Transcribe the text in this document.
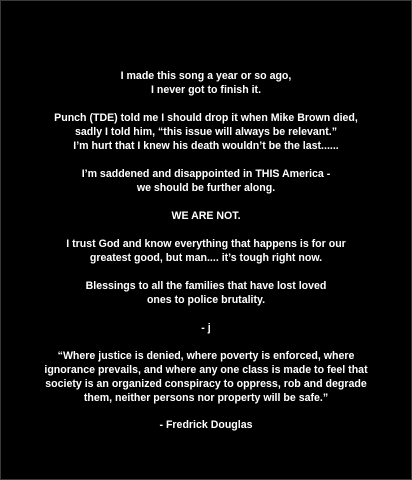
I made this song a year or so ago,
I never got to finish it.

Punch (TDE) told me I should drop it when Mike Brown died,
sadly I told him, “this issue will always be relevant.”
I’m hurt that I knew his death wouldn’t be the last......

I’m saddened and disappointed in THIS America -
we should be further along.

WE ARE NOT.

I trust God and know everything that happens is for our
greatest good, but man.... it’s tough right now.

Blessings to all the families that have lost loved
ones to police brutality.

- j

“Where justice is denied, where poverty is enforced, where
ignorance prevails, and where any one class is made to feel that
society is an organized conspiracy to oppress, rob and degrade
them, neither persons nor property will be safe.”

- Fredrick Douglas
